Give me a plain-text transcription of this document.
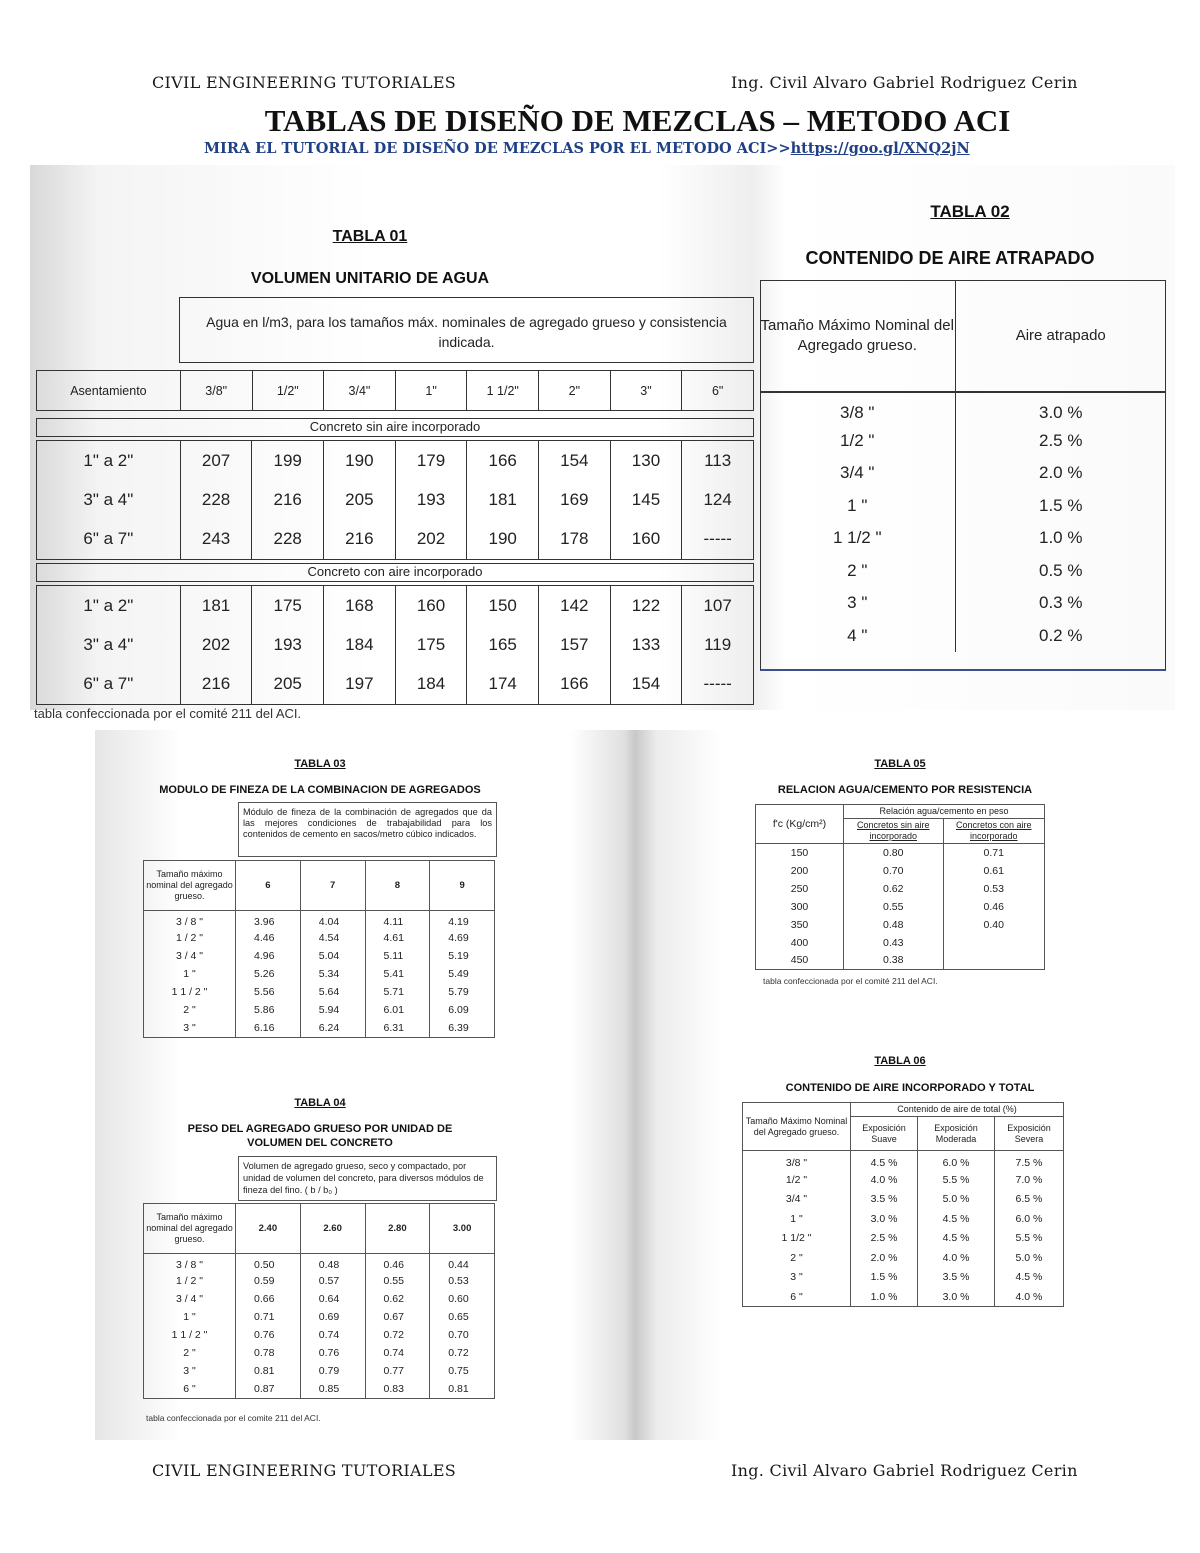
CIVIL ENGINEERING TUTORIALES	Ing. Civil Alvaro Gabriel Rodriguez Cerin
TABLAS DE DISEÑO DE MEZCLAS – METODO ACI
MIRA EL TUTORIAL DE DISEÑO DE MEZCLAS POR EL METODO ACI>>https://goo.gl/XNQ2jN
TABLA 01
VOLUMEN UNITARIO DE AGUA
Agua en l/m3, para los tamaños máx. nominales de agregado grueso y consistencia indicada.
Asentamiento	3/8"	1/2"	3/4"	1"	1 1/2"	2"	3"	6"
Concreto sin aire incorporado
1" a 2"	207	199	190	179	166	154	130	113
3" a 4"	228	216	205	193	181	169	145	124
6" a 7"	243	228	216	202	190	178	160	-----
Concreto con aire incorporado
1" a 2"	181	175	168	160	150	142	122	107
3" a 4"	202	193	184	175	165	157	133	119
6" a 7"	216	205	197	184	174	166	154	-----
tabla confeccionada por el comité 211 del ACI.
TABLA 02
CONTENIDO DE AIRE ATRAPADO
Tamaño Máximo Nominal del Agregado grueso.	Aire atrapado
3/8 "	3.0 %
1/2 "	2.5 %
3/4 "	2.0 %
1 "	1.5 %
1 1/2 "	1.0 %
2 "	0.5 %
3 "	0.3 %
4 "	0.2 %
TABLA 03
MODULO DE FINEZA DE LA COMBINACION DE AGREGADOS
Módulo de fineza de la combinación de agregados que da las mejores condiciones de trabajabilidad para los contenidos de cemento en sacos/metro cúbico indicados.
Tamaño máximo nominal del agregado grueso.	6	7	8	9
3 / 8 "	3.96	4.04	4.11	4.19
1 / 2 "	4.46	4.54	4.61	4.69
3 / 4 "	4.96	5.04	5.11	5.19
1 "	5.26	5.34	5.41	5.49
1 1 / 2 "	5.56	5.64	5.71	5.79
2 "	5.86	5.94	6.01	6.09
3 "	6.16	6.24	6.31	6.39
TABLA 04
PESO DEL AGREGADO GRUESO POR UNIDAD DE VOLUMEN DEL CONCRETO
Volumen de agregado grueso, seco y compactado, por unidad de volumen del concreto, para diversos módulos de fineza del fino. ( b / b₀ )
Tamaño máximo nominal del agregado grueso.	2.40	2.60	2.80	3.00
3 / 8 "	0.50	0.48	0.46	0.44
1 / 2 "	0.59	0.57	0.55	0.53
3 / 4 "	0.66	0.64	0.62	0.60
1 "	0.71	0.69	0.67	0.65
1 1 / 2 "	0.76	0.74	0.72	0.70
2 "	0.78	0.76	0.74	0.72
3 "	0.81	0.79	0.77	0.75
6 "	0.87	0.85	0.83	0.81
tabla confeccionada por el comite 211 del ACI.
TABLA 05
RELACION AGUA/CEMENTO POR RESISTENCIA
f'c (Kg/cm²)	Relación agua/cemento en peso	
	Concretos sin aire incorporado	Concretos con aire incorporado
150	0.80	0.71
200	0.70	0.61
250	0.62	0.53
300	0.55	0.46
350	0.48	0.40
400	0.43	
450	0.38	
tabla confeccionada por el comité 211 del ACI.
TABLA 06
CONTENIDO DE AIRE INCORPORADO Y TOTAL
Tamaño Máximo Nominal del Agregado grueso.	Contenido de aire de total (%)		
	Exposición Suave	Exposición Moderada	Exposición Severa
3/8 "	4.5 %	6.0 %	7.5 %
1/2 "	4.0 %	5.5 %	7.0 %
3/4 "	3.5 %	5.0 %	6.5 %
1 "	3.0 %	4.5 %	6.0 %
1 1/2 "	2.5 %	4.5 %	5.5 %
2 "	2.0 %	4.0 %	5.0 %
3 "	1.5 %	3.5 %	4.5 %
6 "	1.0 %	3.0 %	4.0 %
CIVIL ENGINEERING TUTORIALES	Ing. Civil Alvaro Gabriel Rodriguez Cerin
